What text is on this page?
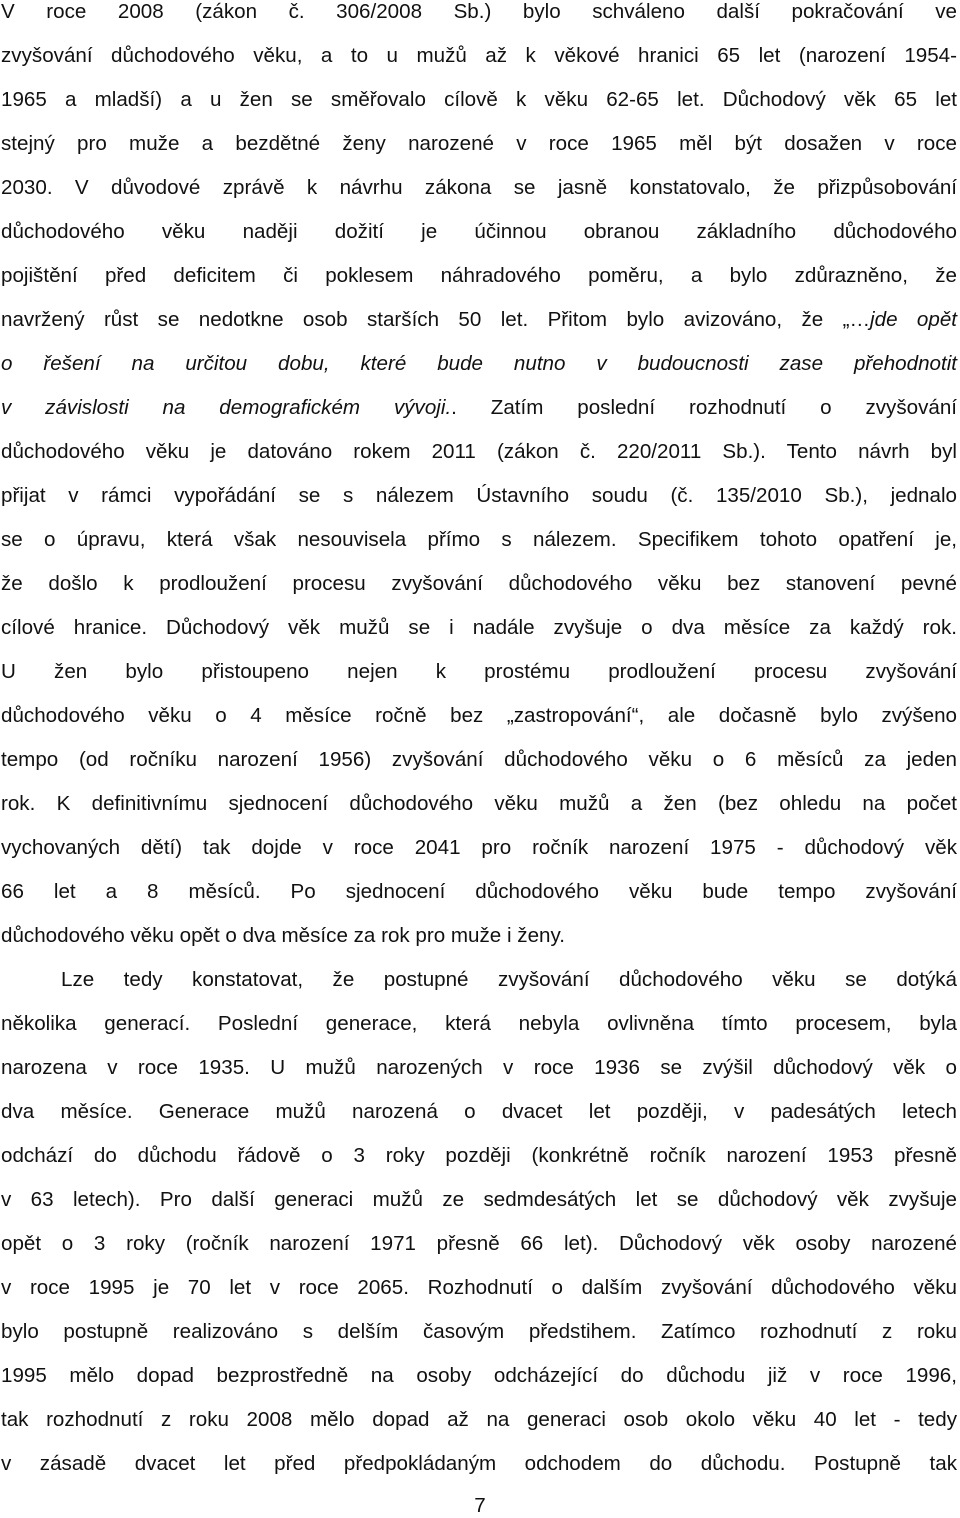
V roce 2008 (zákon č. 306/2008 Sb.) bylo schváleno další pokračování ve
zvyšování důchodového věku, a to u mužů až k věkové hranici 65 let (narození 1954-
1965 a mladší) a u žen se směřovalo cílově k věku 62-65 let. Důchodový věk 65 let
stejný pro muže a bezdětné ženy narozené v roce 1965 měl být dosažen v roce
2030. V důvodové zprávě k návrhu zákona se jasně konstatovalo, že přizpůsobování
důchodového věku naději dožití je účinnou obranou základního důchodového
pojištění před deficitem či poklesem náhradového poměru, a bylo zdůrazněno, že
navržený růst se nedotkne osob starších 50 let. Přitom bylo avizováno, že „…jde opět
o řešení na určitou dobu, které bude nutno v budoucnosti zase přehodnotit
v závislosti na demografickém vývoji.. Zatím poslední rozhodnutí o zvyšování
důchodového věku je datováno rokem 2011 (zákon č. 220/2011 Sb.). Tento návrh byl
přijat v rámci vypořádání se s nálezem Ústavního soudu (č. 135/2010 Sb.), jednalo
se o úpravu, která však nesouvisela přímo s nálezem. Specifikem tohoto opatření je,
že došlo k prodloužení procesu zvyšování důchodového věku bez stanovení pevné
cílové hranice. Důchodový věk mužů se i nadále zvyšuje o dva měsíce za každý rok.
U žen bylo přistoupeno nejen k prostému prodloužení procesu zvyšování
důchodového věku o 4 měsíce ročně bez „zastropování“, ale dočasně bylo zvýšeno
tempo (od ročníku narození 1956) zvyšování důchodového věku o 6 měsíců za jeden
rok. K definitivnímu sjednocení důchodového věku mužů a žen (bez ohledu na počet
vychovaných dětí) tak dojde v roce 2041 pro ročník narození 1975 - důchodový věk
66 let a 8 měsíců. Po sjednocení důchodového věku bude tempo zvyšování
důchodového věku opět o dva měsíce za rok pro muže i ženy.
Lze tedy konstatovat, že postupné zvyšování důchodového věku se dotýká
několika generací. Poslední generace, která nebyla ovlivněna tímto procesem, byla
narozena v roce 1935. U mužů narozených v roce 1936 se zvýšil důchodový věk o
dva měsíce. Generace mužů narozená o dvacet let později, v padesátých letech
odchází do důchodu řádově o 3 roky později (konkrétně ročník narození 1953 přesně
v 63 letech). Pro další generaci mužů ze sedmdesátých let se důchodový věk zvyšuje
opět o 3 roky (ročník narození 1971 přesně 66 let). Důchodový věk osoby narozené
v roce 1995 je 70 let v roce 2065. Rozhodnutí o dalším zvyšování důchodového věku
bylo postupně realizováno s delším časovým předstihem. Zatímco rozhodnutí z roku
1995 mělo dopad bezprostředně na osoby odcházející do důchodu již v roce 1996,
tak rozhodnutí z roku 2008 mělo dopad až na generaci osob okolo věku 40 let - tedy
v zásadě dvacet let před předpokládaným odchodem do důchodu. Postupně tak
7
